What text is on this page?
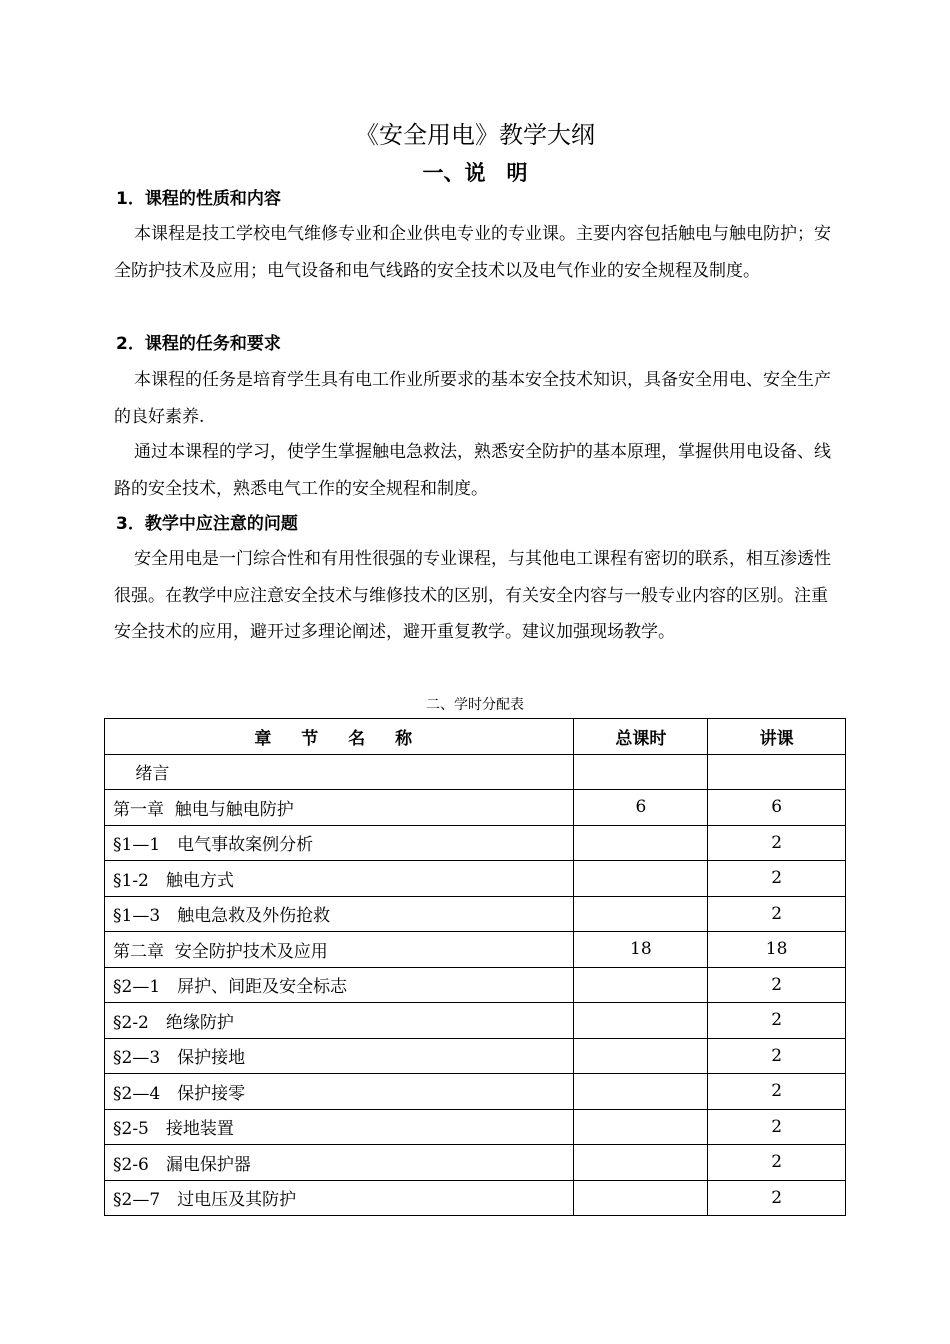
《安全用电》教学大纲
一、说　明
1．课程的性质和内容
本课程是技工学校电气维修专业和企业供电专业的专业课。主要内容包括触电与触电防护；安全防护技术及应用；电气设备和电气线路的安全技术以及电气作业的安全规程及制度。
2．课程的任务和要求
本课程的任务是培育学生具有电工作业所要求的基本安全技术知识，具备安全用电、安全生产的良好素养.
通过本课程的学习，使学生掌握触电急救法，熟悉安全防护的基本原理，掌握供用电设备、线路的安全技术，熟悉电气工作的安全规程和制度。
3．教学中应注意的问题
安全用电是一门综合性和有用性很强的专业课程，与其他电工课程有密切的联系，相互渗透性很强。在教学中应注意安全技术与维修技术的区别，有关安全内容与一般专业内容的区别。注重安全技术的应用，避开过多理论阐述，避开重复教学。建议加强现场教学。
二、学时分配表
章 节 名 称	总课时	讲课
　 绪言		
第一章  触电与触电防护	6	6
§1—1　电气事故案例分析		2
§1-2　触电方式		2
§1—3　触电急救及外伤抢救		2
第二章  安全防护技术及应用	18	18
§2—1　屏护、间距及安全标志		2
§2-2　绝缘防护		2
§2—3　保护接地		2
§2—4　保护接零		2
§2-5　接地装置		2
§2-6　漏电保护器		2
§2—7　过电压及其防护		2
